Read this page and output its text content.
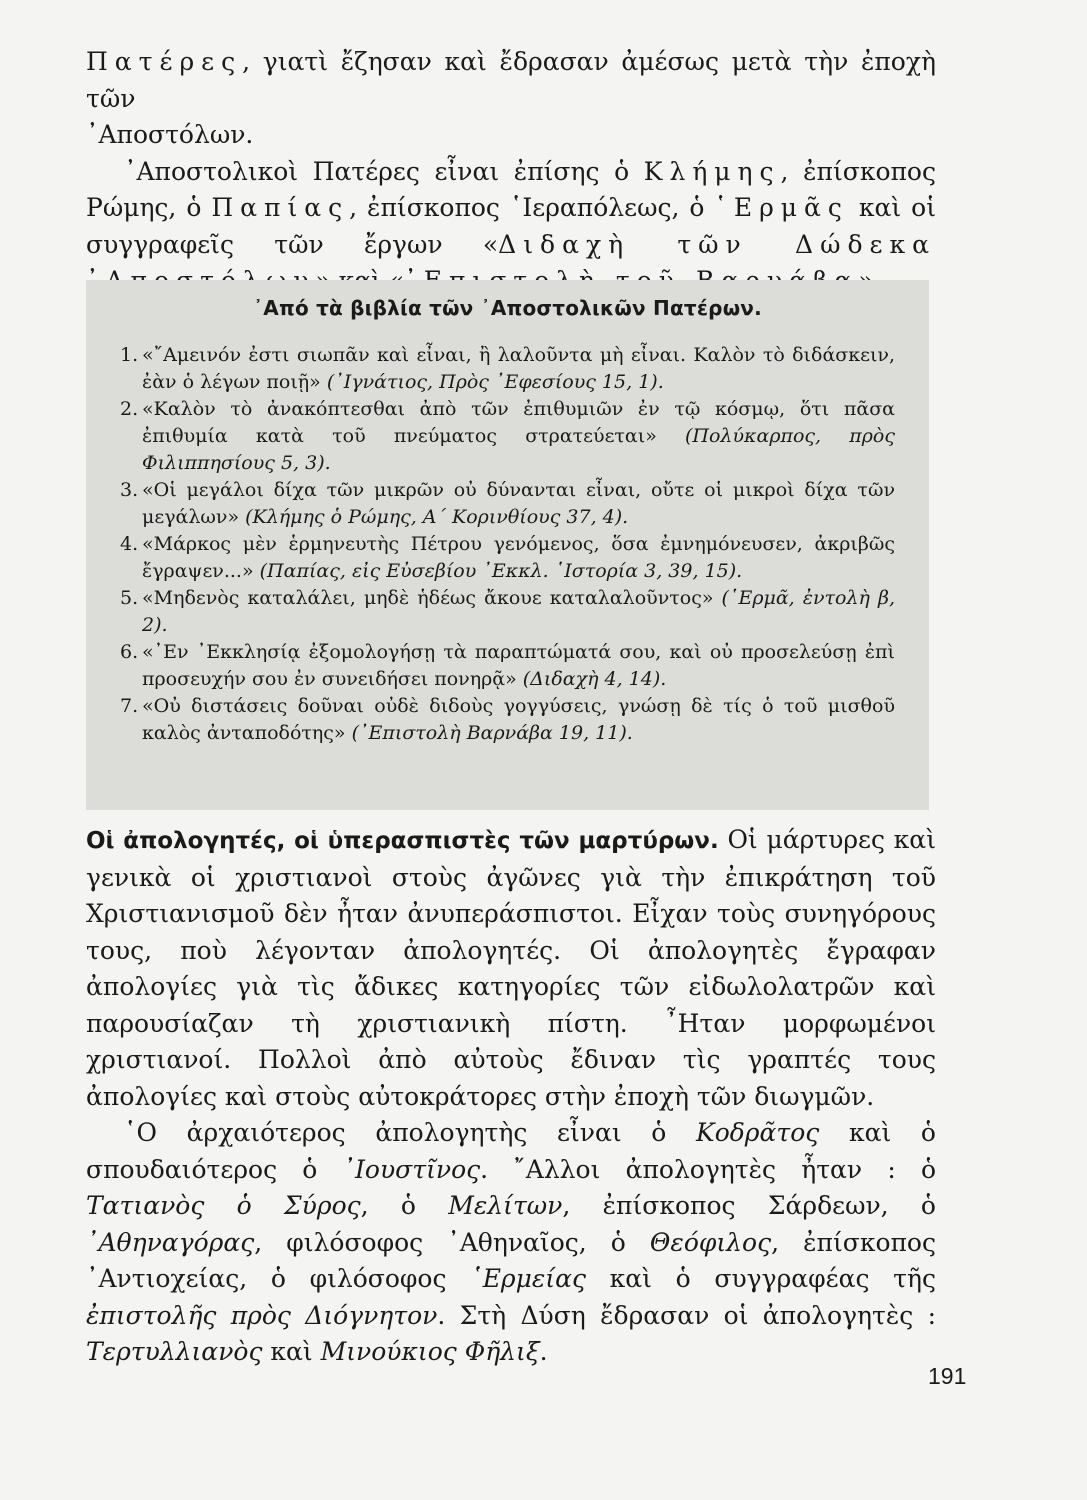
Πατέρες, γιατὶ ἔζησαν καὶ ἔδρασαν ἀμέσως μετὰ τὴν ἐποχὴ τῶν
᾿Αποστόλων.

᾿Αποστολικοὶ Πατέρες εἶναι ἐπίσης ὁ Κλήμης, ἐπίσκοπος Ρώμης, ὁ Παπίας, ἐπίσκοπος ῾Ιεραπόλεως, ὁ ῾Ερμᾶς καὶ οἱ συγγραφεῖς τῶν ἔργων «Διδαχὴ τῶν Δώδεκα

᾿Από τὰ βιβλία τῶν ᾿Αποστολικῶν Πατέρων.
1. «῎Αμεινόν ἐστι σιωπᾶν καὶ εἶναι, ἢ λαλοῦντα μὴ εἶναι. Καλὸν τὸ διδάσκειν, ἐὰν ὁ λέγων ποιῇ» (᾿Ιγνάτιος, Πρὸς ᾿Εφεσίους 15, 1).
2. «Καλὸν τὸ ἀνακόπτεσθαι ἀπὸ τῶν ἐπιθυμιῶν ἐν τῷ κόσμῳ, ὅτι πᾶσα ἐπιθυμία κατὰ τοῦ πνεύματος στρατεύεται» (Πολύκαρπος, πρὸς Φιλιππησίους 5, 3).
3. «Οἱ μεγάλοι δίχα τῶν μικρῶν οὐ δύνανται εἶναι, οὔτε οἱ μικροὶ δίχα τῶν μεγάλων» (Κλήμης ὁ Ρώμης, Α΄ Κορινθίους 37, 4).
4. «Μάρκος μὲν ἑρμηνευτὴς Πέτρου γενόμενος, ὅσα ἐμνημόνευσεν, ἀκριβῶς ἔγραψεν...» (Παπίας, εἰς Εὐσεβίου ᾿Εκκλ. ῾Ιστορία 3, 39, 15).
5. «Μηδενὸς καταλάλει, μηδὲ ἡδέως ἄκουε καταλαλοῦντος» (῾Ερμᾶ, ἐντολὴ β, 2).
6. «᾿Εν ᾿Εκκλησίᾳ ἐξομολογήσῃ τὰ παραπτώματά σου, καὶ οὐ προσελεύσῃ ἐπὶ προσευχήν σου ἐν συνειδήσει πονηρᾷ» (Διδαχὴ 4, 14).
7. «Οὐ διστάσεις δοῦναι οὐδὲ διδοὺς γογγύσεις, γνώσῃ δὲ τίς ὁ τοῦ μισθοῦ καλὸς ἀνταποδότης» (᾿Επιστολὴ Βαρνάβα 19, 11).

Οἱ ἀπολογητές, οἱ ὑπερασπιστὲς τῶν μαρτύρων. Οἱ μάρτυρες καὶ γενικὰ οἱ χριστιανοὶ στοὺς ἀγῶνες γιὰ τὴν ἐπικράτηση τοῦ Χριστιανισμοῦ δὲν ἦταν ἀνυπεράσπιστοι. Εἶχαν τοὺς συνηγόρους τους, ποὺ λέγονταν ἀπολογητές. Οἱ ἀπολογητὲς ἔγραφαν ἀπολογίες γιὰ τὶς ἄδικες κατηγορίες τῶν εἰδωλολατρῶν καὶ παρουσίαζαν τὴ χριστιανικὴ πίστη. ῏Ηταν μορφωμένοι χριστιανοί. Πολλοὶ ἀπὸ αὐτοὺς ἔδιναν τὶς γραπτές τους ἀπολογίες καὶ στοὺς αὐτοκράτορες στὴν ἐποχὴ τῶν διωγμῶν.

῾Ο ἀρχαιότερος ἀπολογητὴς εἶναι ὁ Κοδρᾶτος καὶ ὁ σπουδαιότερος ὁ ᾿Ιουστῖνος. ῎Αλλοι ἀπολογητὲς ἦταν : ὁ Τατιανὸς ὁ Σύρος, ὁ Μελίτων, ἐπίσκοπος Σάρδεων, ὁ ᾿Αθηναγόρας, φιλόσοφος ᾿Αθηναῖος, ὁ Θεόφιλος, ἐπίσκοπος ᾿Αντιοχείας, ὁ φιλόσοφος ῾Ερμείας καὶ ὁ συγγραφέας τῆς ἐπιστολῆς πρὸς Διόγνητον. Στὴ Δύση ἔδρασαν οἱ ἀπολογητὲς : Τερτυλλιανὸς καὶ Μινούκιος Φῆλιξ.

191
